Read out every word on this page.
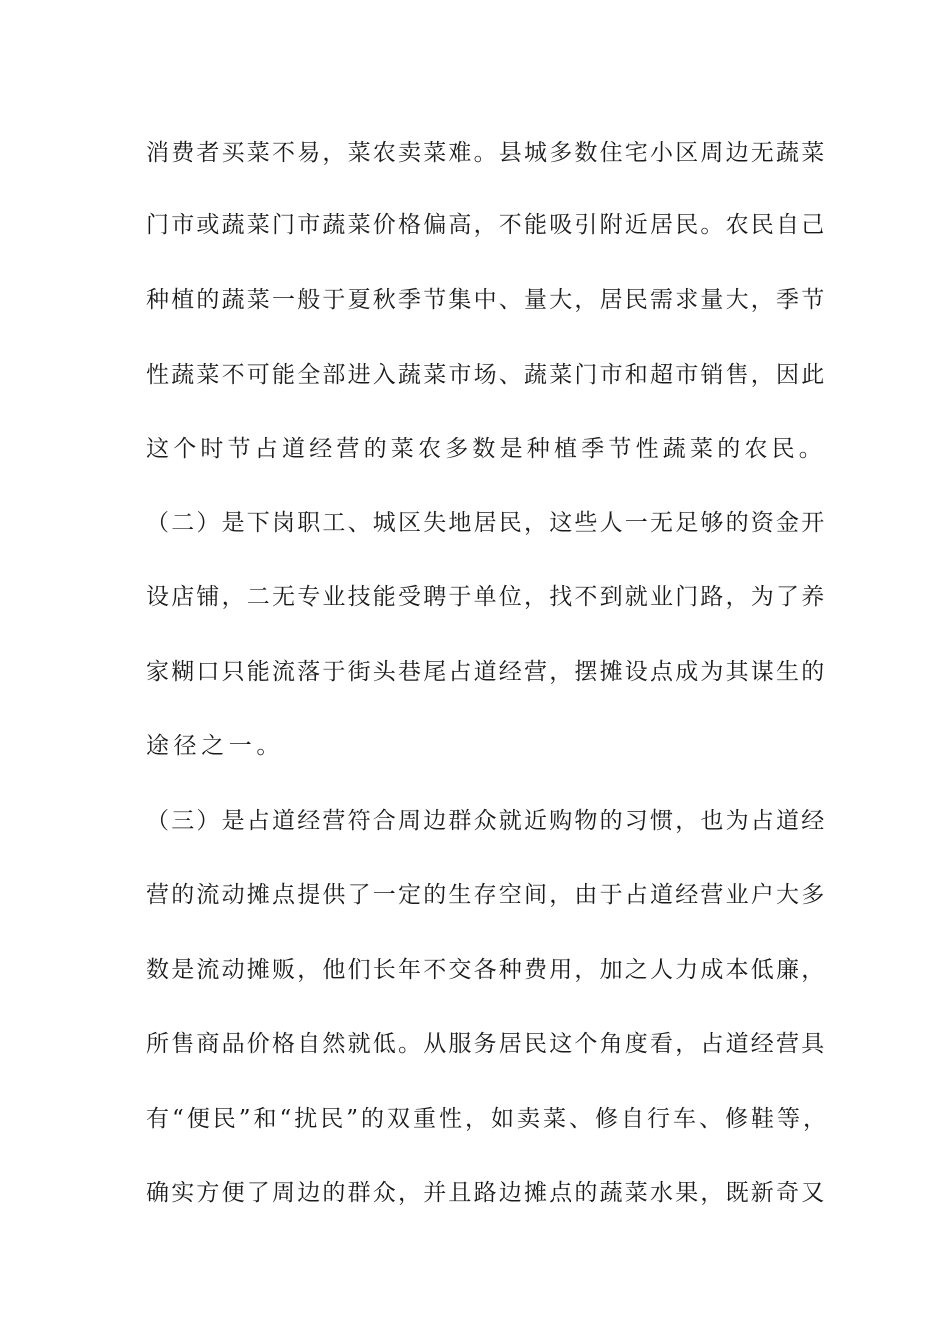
消费者买菜不易，菜农卖菜难。县城多数住宅小区周边无蔬菜
门市或蔬菜门市蔬菜价格偏高，不能吸引附近居民。农民自己
种植的蔬菜一般于夏秋季节集中、量大，居民需求量大，季节
性蔬菜不可能全部进入蔬菜市场、蔬菜门市和超市销售，因此
这个时节占道经营的菜农多数是种植季节性蔬菜的农民。
（二）是下岗职工、城区失地居民，这些人一无足够的资金开
设店铺，二无专业技能受聘于单位，找不到就业门路，为了养
家糊口只能流落于街头巷尾占道经营，摆摊设点成为其谋生的
途径之一。
（三）是占道经营符合周边群众就近购物的习惯，也为占道经
营的流动摊点提供了一定的生存空间，由于占道经营业户大多
数是流动摊贩，他们长年不交各种费用，加之人力成本低廉，
所售商品价格自然就低。从服务居民这个角度看，占道经营具
有“便民”和“扰民”的双重性，如卖菜、修自行车、修鞋等，
确实方便了周边的群众，并且路边摊点的蔬菜水果，既新奇又
